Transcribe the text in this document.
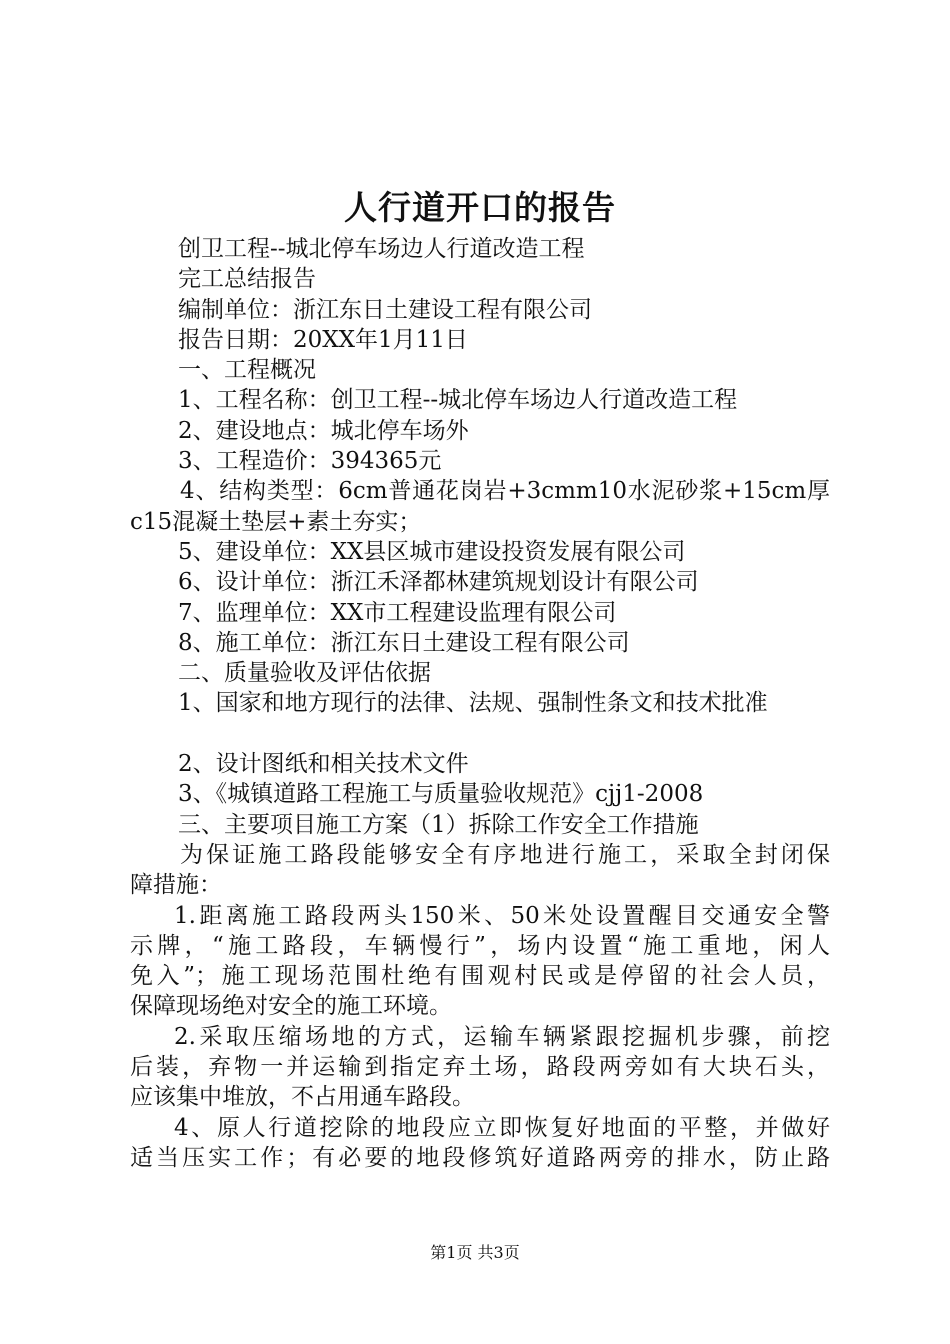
人行道开口的报告
创卫工程--城北停车场边人行道改造工程
完工总结报告
编制单位：浙江东日土建设工程有限公司
报告日期：20XX年1月11日
一、工程概况
1、工程名称：创卫工程--城北停车场边人行道改造工程
2、建设地点：城北停车场外
3、工程造价：394365元
4、结构类型：6cm普通花岗岩+3cmm10水泥砂浆+15cm厚
c15混凝土垫层+素土夯实；
5、建设单位：XX县区城市建设投资发展有限公司
6、设计单位：浙江禾泽都林建筑规划设计有限公司
7、监理单位：XX市工程建设监理有限公司
8、施工单位：浙江东日土建设工程有限公司
二、质量验收及评估依据
1、国家和地方现行的法律、法规、强制性条文和技术批准
2、设计图纸和相关技术文件
3、《城镇道路工程施工与质量验收规范》cjj1-2008
三、主要项目施工方案（1）拆除工作安全工作措施
为保证施工路段能够安全有序地进行施工，采取全封闭保
障措施：
1.距离施工路段两头150米、50米处设置醒目交通安全警
示牌，“施工路段，车辆慢行”，场内设置“施工重地，闲人
免入”；施工现场范围杜绝有围观村民或是停留的社会人员，
保障现场绝对安全的施工环境。
2.采取压缩场地的方式，运输车辆紧跟挖掘机步骤，前挖
后装，弃物一并运输到指定弃土场，路段两旁如有大块石头，
应该集中堆放，不占用通车路段。
4、原人行道挖除的地段应立即恢复好地面的平整，并做好
适当压实工作；有必要的地段修筑好道路两旁的排水，防止路
第1页 共3页
